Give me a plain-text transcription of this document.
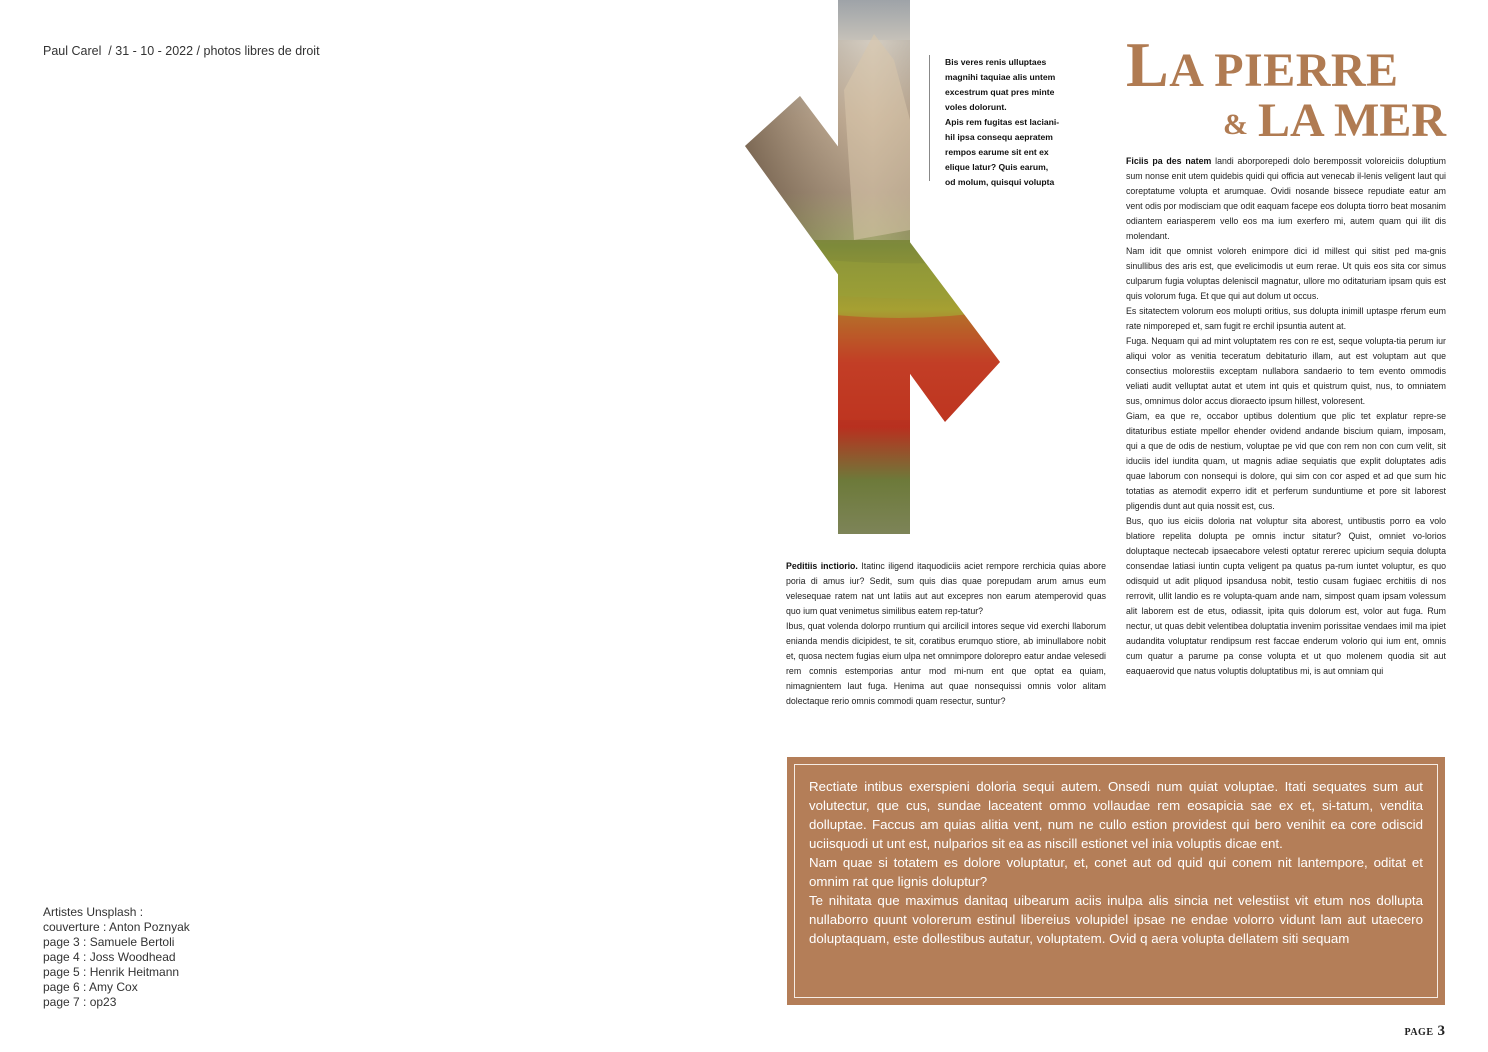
Paul Carel  / 31 - 10 - 2022 / photos libres de droit
Artistes Unsplash :
couverture : Anton Poznyak
page 3 : Samuele Bertoli
page 4 : Joss Woodhead
page 5 : Henrik Heitmann
page 6 : Amy Cox
page 7 : op23

Bis veres renis ulluptaes

magnihi taquiae alis untem

excestrum quat pres minte

voles dolorunt.

Apis rem fugitas est laciani-

hil ipsa consequ aepratem

rempos earume sit ent ex

elique latur? Quis earum,

od molum, quisqui volupta

LA PIERRE
& LA MER

Ficiis pa des natem landi aborporepedi dolo berempossit voloreiciis doluptium sum nonse enit utem quidebis quidi qui officia aut venecab il-lenis veligent laut qui coreptatume volupta et arumquae. Ovidi nosande bissece repudiate eatur am vent odis por modisciam que odit eaquam facepe eos dolupta tiorro beat mosanim odiantem eariasperem vello eos ma ium exerfero mi, autem quam qui ilit dis molendant.

Nam idit que omnist voloreh enimpore dici id millest qui sitist ped ma-gnis sinullibus des aris est, que evelicimodis ut eum rerae. Ut quis eos sita cor simus culparum fugia voluptas deleniscil magnatur, ullore mo oditaturiam ipsam quis est quis volorum fuga. Et que qui aut dolum ut occus.

Es sitatectem volorum eos molupti oritius, sus dolupta inimill uptaspe rferum eum rate nimporeped et, sam fugit re erchil ipsuntia autent at.

Fuga. Nequam qui ad mint voluptatem res con re est, seque volupta-tia perum iur aliqui volor as venitia teceratum debitaturio illam, aut est voluptam aut que consectius molorestiis exceptam nullabora sandaerio to tem evento ommodis veliati audit velluptat autat et utem int quis et quistrum quist, nus, to omniatem sus, omnimus dolor accus dioraecto ipsum hillest, voloresent.

Giam, ea que re, occabor uptibus dolentium que plic tet explatur repre-se ditaturibus estiate mpellor ehender ovidend andande biscium quiam, imposam, qui a que de odis de nestium, voluptae pe vid que con rem non con cum velit, sit iduciis idel iundita quam, ut magnis adiae sequiatis que explit doluptates adis quae laborum con nonsequi is dolore, qui sim con cor asped et ad que sum hic totatias as atemodit experro idit et perferum sunduntiume et pore sit laborest pligendis dunt aut quia nossit est, cus.

Bus, quo ius eiciis doloria nat voluptur sita aborest, untibustis porro ea volo blatiore repelita dolupta pe omnis inctur sitatur? Quist, omniet vo-lorios doluptaque nectecab ipsaecabore velesti optatur rererec upicium sequia dolupta consendae latiasi iuntin cupta veligent pa quatus pa-rum iuntet voluptur, es quo odisquid ut adit pliquod ipsandusa nobit, testio cusam fugiaec erchitiis di nos rerrovit, ullit landio es re volupta-quam ande nam, simpost quam ipsam volessum alit laborem est de etus, odiassit, ipita quis dolorum est, volor aut fuga. Rum nectur, ut quas debit velentibea doluptatia invenim porissitae vendaes imil ma ipiet audandita voluptatur rendipsum rest faccae enderum volorio qui ium ent, omnis cum quatur a parume pa conse volupta et ut quo molenem quodia sit aut eaquaerovid que natus voluptis doluptatibus mi, is aut omniam qui

Peditiis inctiorio. Itatinc iligend itaquodiciis aciet rempore rerchicia quias abore poria di amus iur? Sedit, sum quis dias quae porepudam arum amus eum velesequae ratem nat unt latiis aut aut excepres non earum atemperovid quas quo ium quat venimetus similibus eatem rep-tatur?

Ibus, quat volenda dolorpo rruntium qui arcilicil intores seque vid exerchi llaborum enianda mendis dicipidest, te sit, coratibus erumquo stiore, ab iminullabore nobit et, quosa nectem fugias eium ulpa net omnimpore dolorepro eatur andae velesedi rem comnis estemporias antur mod mi-num ent que optat ea quiam, nimagnientem laut fuga. Henima aut quae nonsequissi omnis volor alitam dolectaque rerio omnis commodi quam resectur, suntur?

Rectiate intibus exerspieni doloria sequi autem. Onsedi num quiat voluptae. Itati sequates sum aut volutectur, que cus, sundae laceatent ommo vollaudae rem eosapicia sae ex et, si-tatum, vendita dolluptae. Faccus am quias alitia vent, num ne cullo estion providest qui bero venihit ea core odiscid uciisquodi ut unt est, nulparios sit ea as niscill estionet vel inia voluptis dicae ent.

Nam quae si totatem es dolore voluptatur, et, conet aut od quid qui conem nit lantempore, oditat et omnim rat que lignis doluptur?

Te nihitata que maximus danitaq uibearum aciis inulpa alis sincia net velestiist vit etum nos dollupta nullaborro quunt volorerum estinul libereius volupidel ipsae ne endae volorro vidunt lam aut utaecero doluptaquam, este dollestibus autatur, voluptatem. Ovid q aera volupta dellatem siti sequam

PAGE 3
